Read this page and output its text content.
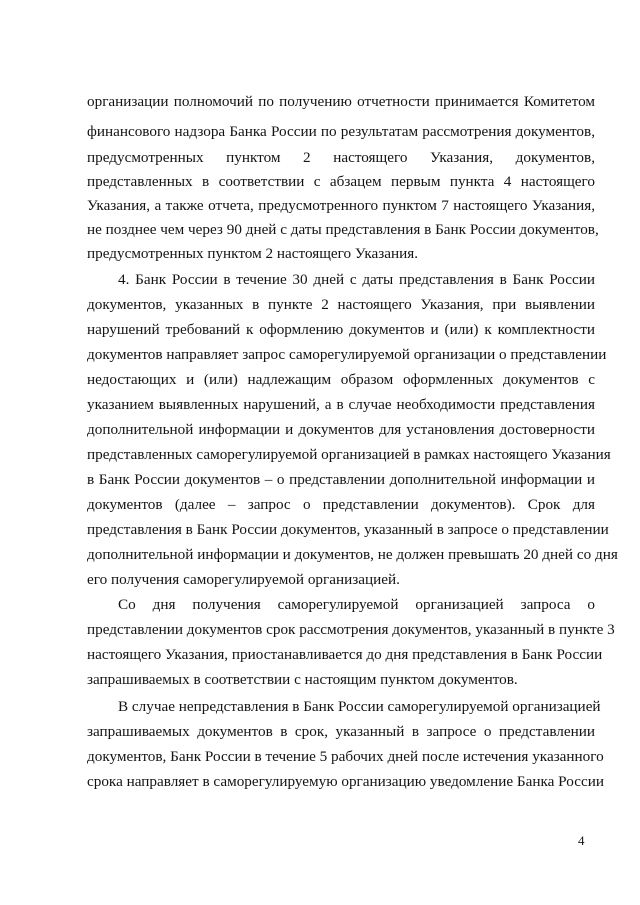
организации полномочий по получению отчетности принимается Комитетом
финансового надзора Банка России по результатам рассмотрения документов,
предусмотренных пунктом 2 настоящего Указания, документов,
представленных в соответствии с абзацем первым пункта 4 настоящего
Указания, а также отчета, предусмотренного пунктом 7 настоящего Указания,
не позднее чем через 90 дней с даты представления в Банк России документов,
предусмотренных пунктом 2 настоящего Указания.
4. Банк России в течение 30 дней с даты представления в Банк России
документов, указанных в пункте 2 настоящего Указания, при выявлении
нарушений требований к оформлению документов и (или) к комплектности
документов направляет запрос саморегулируемой организации о представлении
недостающих и (или) надлежащим образом оформленных документов с
указанием выявленных нарушений, а в случае необходимости представления
дополнительной информации и документов для установления достоверности
представленных саморегулируемой организацией в рамках настоящего Указания
в Банк России документов – о представлении дополнительной информации и
документов (далее – запрос о представлении документов). Срок для
представления в Банк России документов, указанный в запросе о представлении
дополнительной информации и документов, не должен превышать 20 дней со дня
его получения саморегулируемой организацией.
Со дня получения саморегулируемой организацией запроса о
представлении документов срок рассмотрения документов, указанный в пункте 3
настоящего Указания, приостанавливается до дня представления в Банк России
запрашиваемых в соответствии с настоящим пунктом документов.
В случае непредставления в Банк России саморегулируемой организацией
запрашиваемых документов в срок, указанный в запросе о представлении
документов, Банк России в течение 5 рабочих дней после истечения указанного
срока направляет в саморегулируемую организацию уведомление Банка России
4
